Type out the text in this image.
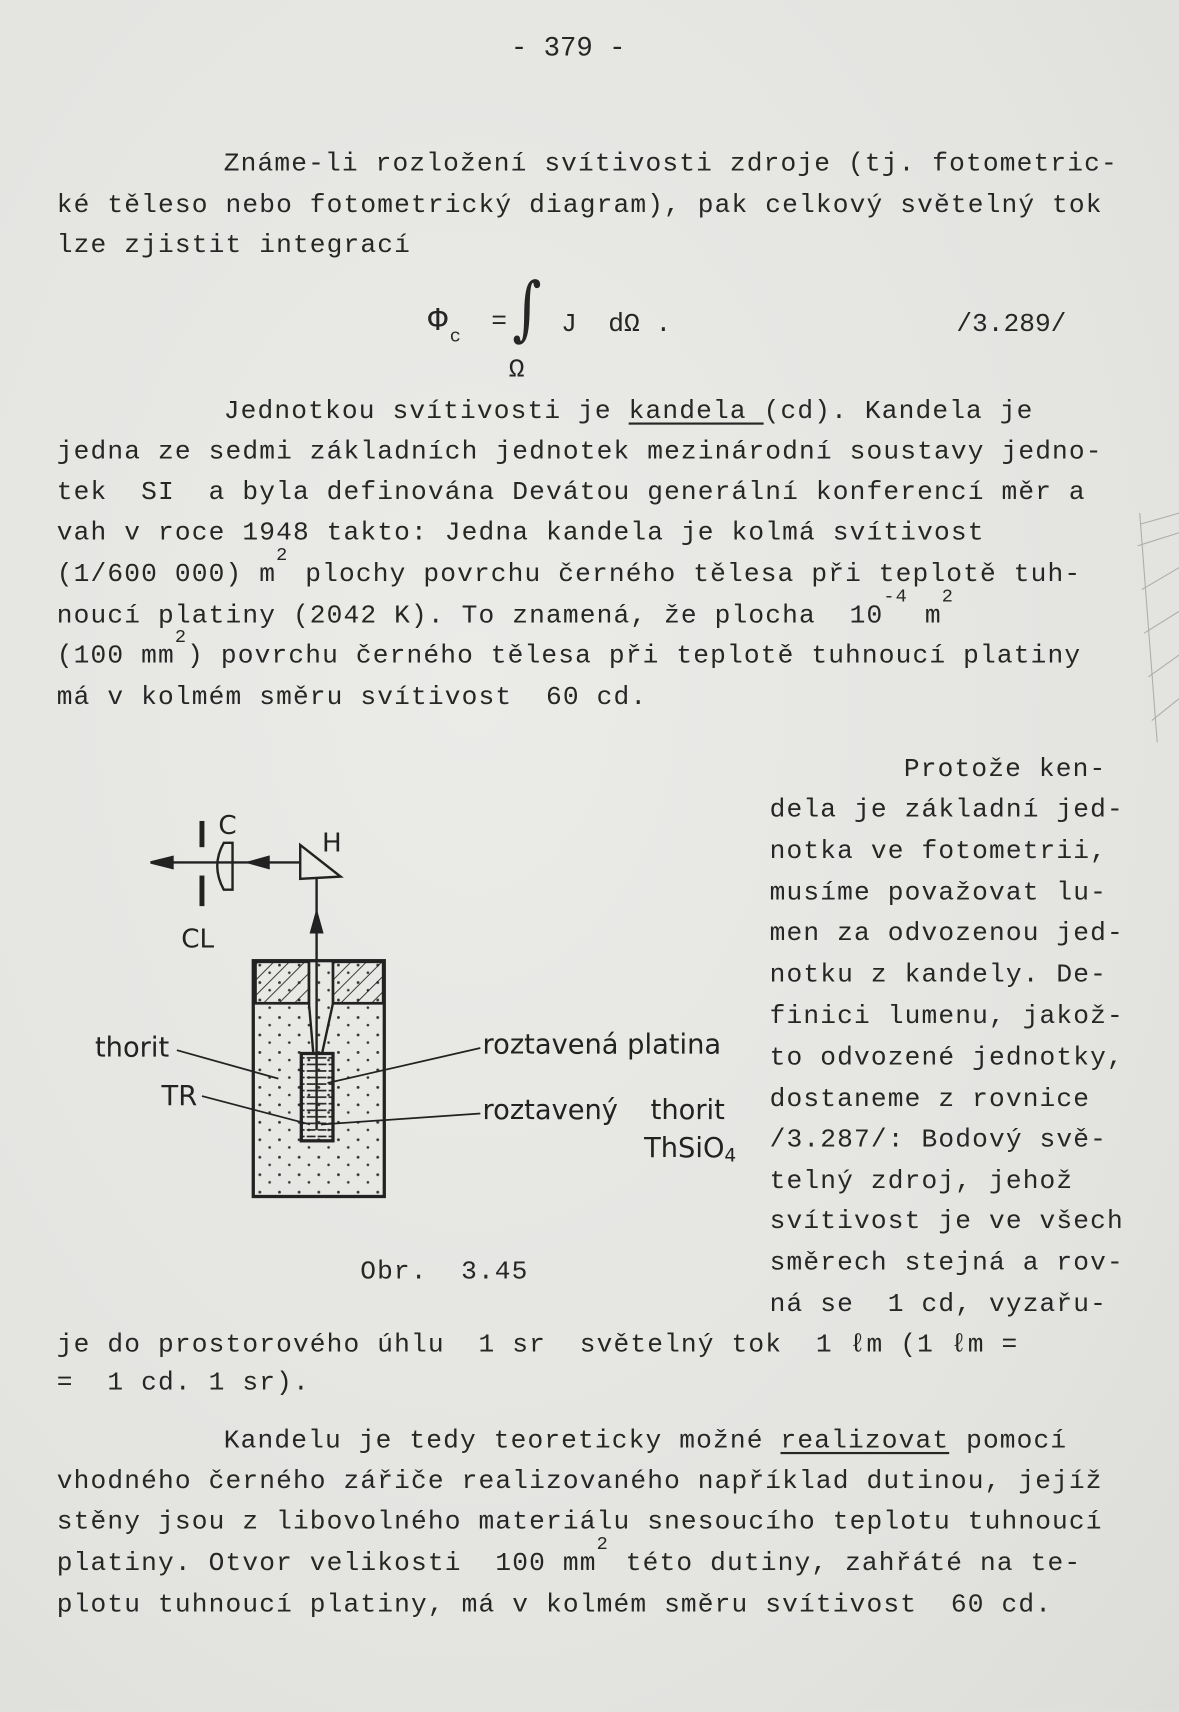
- 379 -
Známe-li rozložení svítivosti zdroje (tj. fotometric-
ké těleso nebo fotometrický diagram), pak celkový světelný tok
lze zjistit integrací
Φ c
= ∫ J  dΩ .
Ω
/3.289/
Jednotkou svítivosti je kandela (cd). Kandela je
jedna ze sedmi základních jednotek mezinárodní soustavy jedno-
tek  SI  a byla definována Devátou generální konferencí měr a
vah v roce 1948 takto: Jedna kandela je kolmá svítivost
(1/600 000) $m^2$ plochy povrchu černého tělesa při teplotě tuh-
noucí platiny (2042 K). To znamená, že plocha  $10^{-4}$ $m^2$
(100 $mm^2$) povrchu černého tělesa při teplotě tuhnoucí platiny
má v kolmém směru svítivost  60 cd.
Protože ken-
dela je základní jed-
notka ve fotometrii,
musíme považovat lu-
men za odvozenou jed-
notku z kandely. De-
finici lumenu, jakož-
to odvozené jednotky,
dostaneme z rovnice
/3.287/: Bodový svě-
telný zdroj, jehož
svítivost je ve všech
směrech stejná a rov-
ná se  1 cd, vyzařu-
je do prostorového úhlu  1 sr  světelný tok  1 ℓm (1 ℓm =
=  1 cd. 1 sr).
Kandelu je tedy teoreticky možné realizovat pomocí
vhodného černého zářiče realizovaného například dutinou, jejíž
stěny jsou z libovolného materiálu snesoucího teplotu tuhnoucí
platiny. Otvor velikosti  100 $mm^2$ této dutiny, zahřáté na te-
plotu tuhnoucí platiny, má v kolmém směru svítivost  60 cd.
C
CL
H
thorit
TR
roztavená platina
roztavený thorit
ThSiO4
Obr.  3.45
